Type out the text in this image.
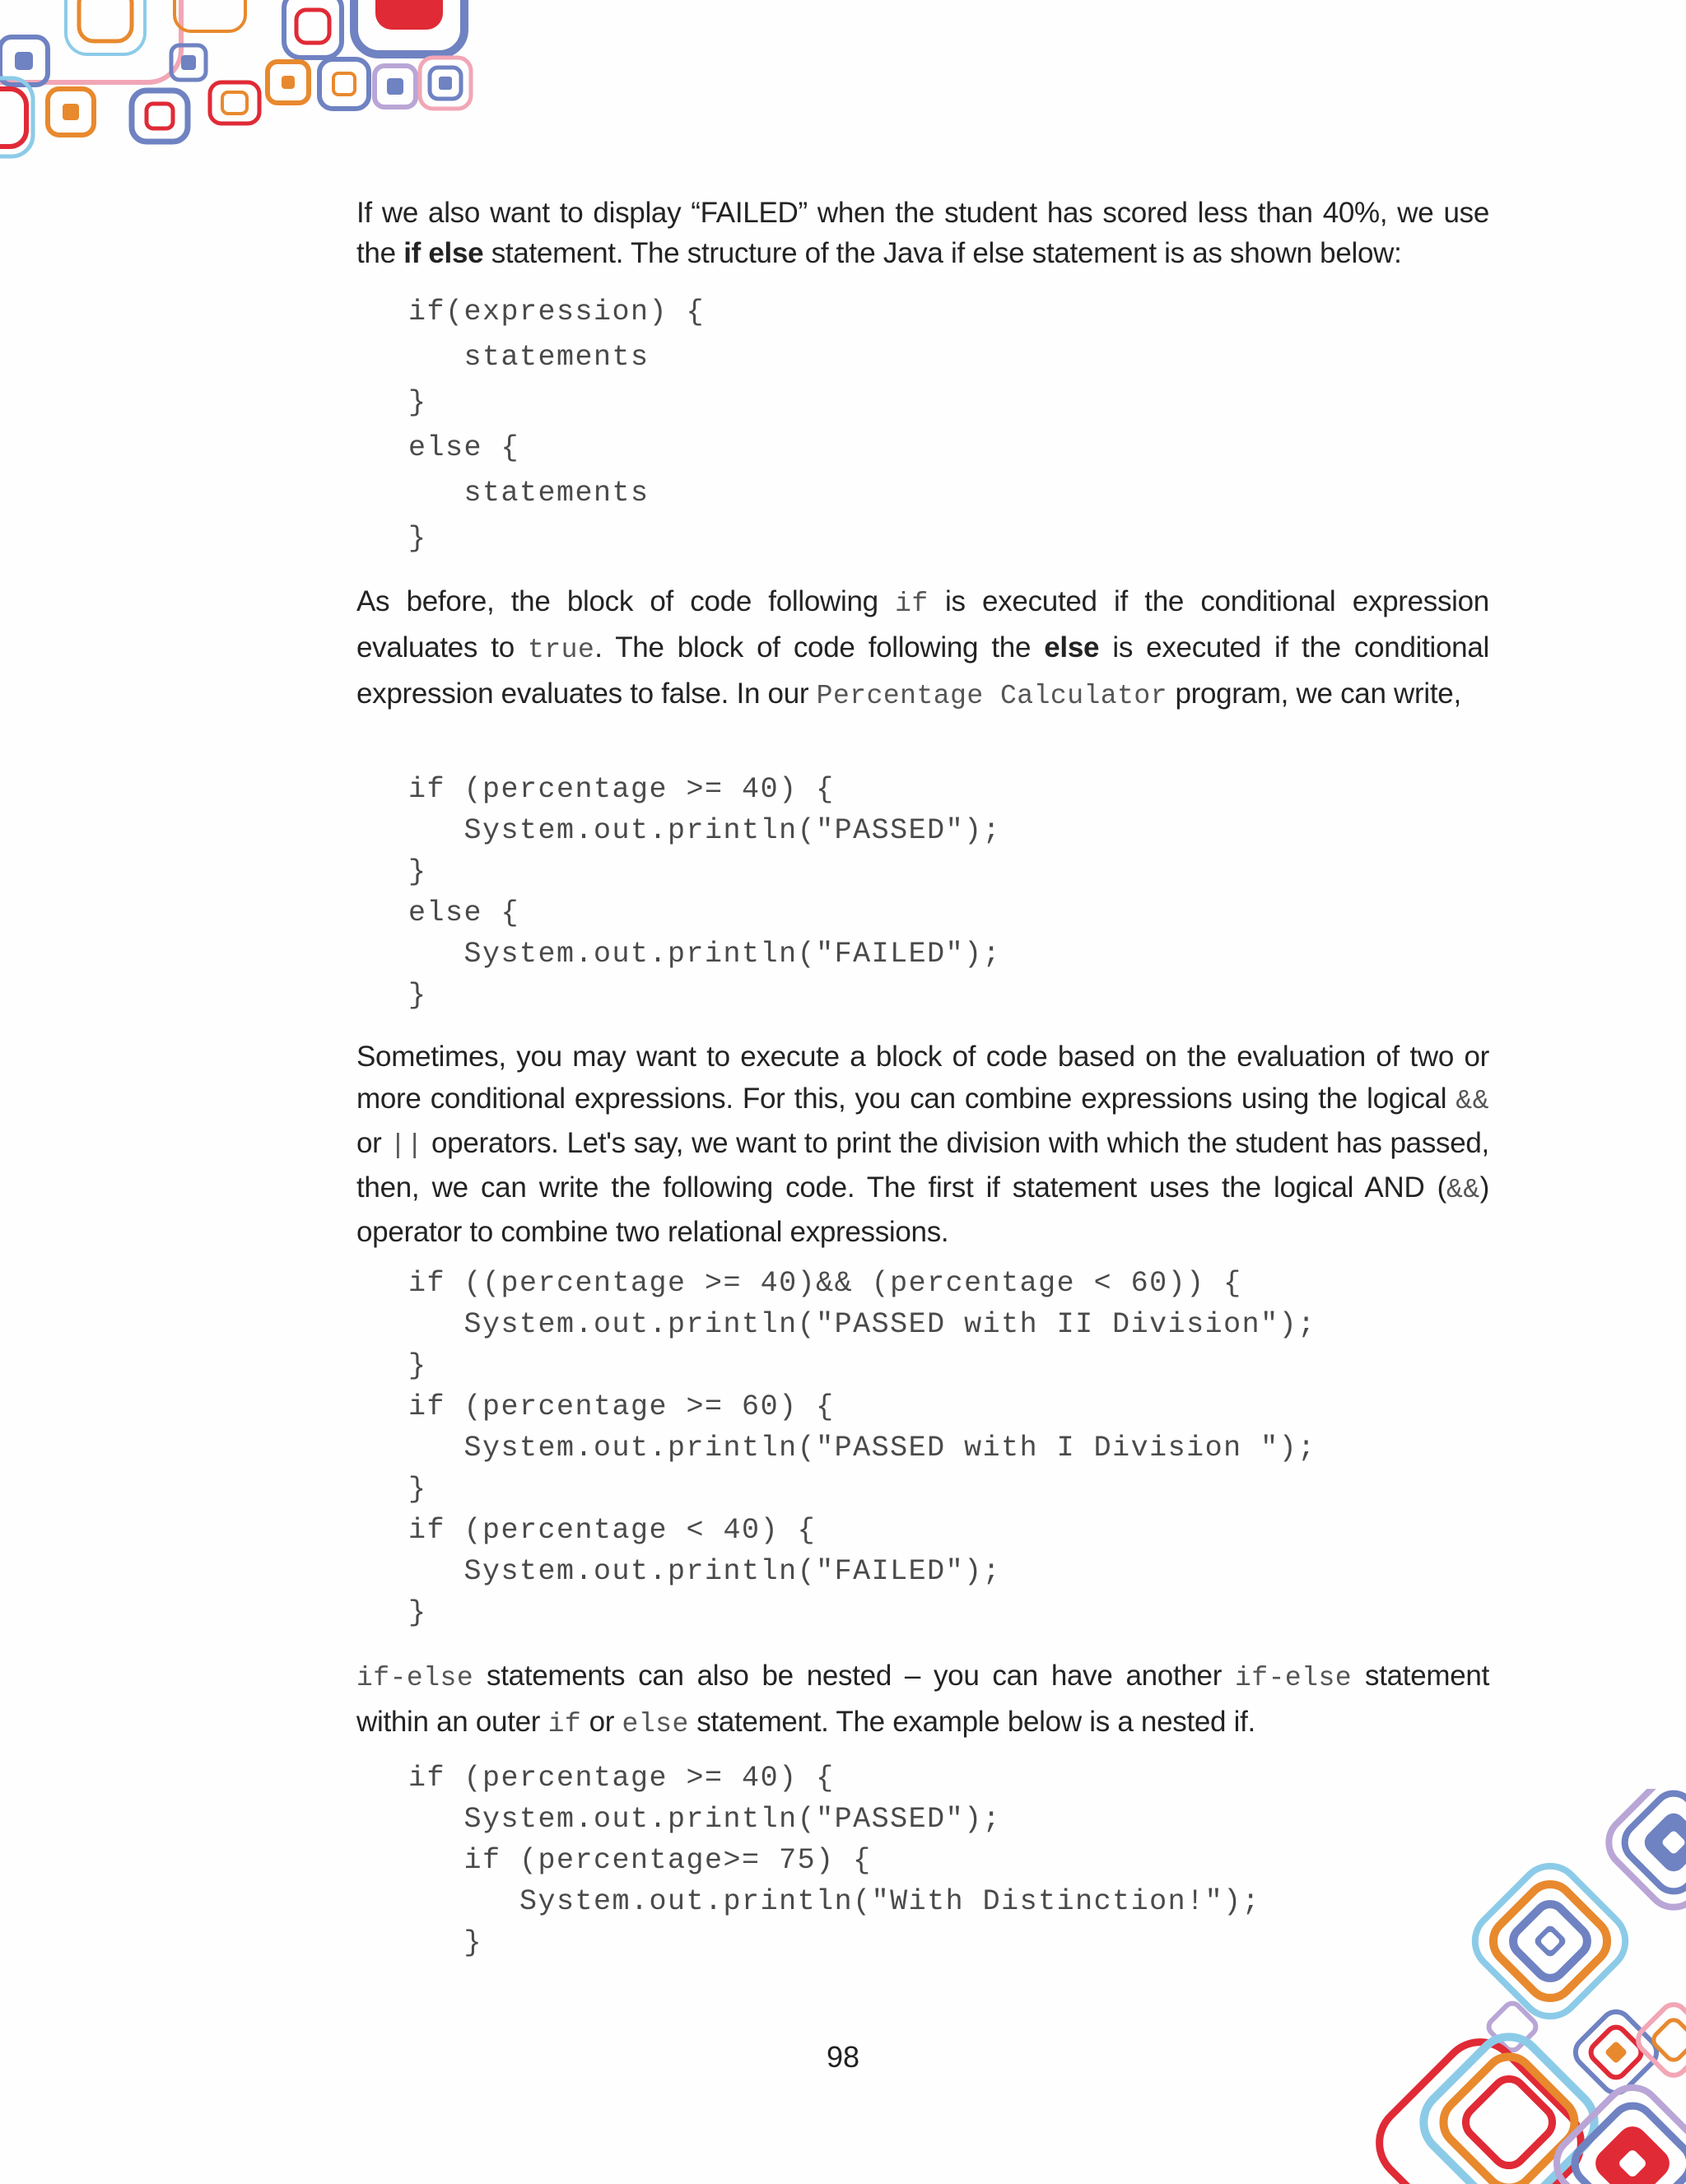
If we also want to display “FAILED” when the student has scored less than 40%, we use the if else statement. The structure of the Java if else statement is as shown below:

if(expression) {
statements
}
else {
statements
}

As before, the block of code following if is executed if the conditional expression evaluates to true. The block of code following the else is executed if the conditional expression evaluates to false. In our Percentage Calculator program, we can write,

if (percentage >= 40) {
System.out.println("PASSED");
}
else {
System.out.println("FAILED");
}

Sometimes, you may want to execute a block of code based on the evaluation of two or more conditional expressions. For this, you can combine expressions using the logical && or || operators. Let's say, we want to print the division with which the student has passed, then, we can write the following code. The first if statement uses the logical AND (&&) operator to combine two relational expressions.

if ((percentage >= 40)&& (percentage < 60)) {
System.out.println("PASSED with II Division");
}
if (percentage >= 60) {
System.out.println("PASSED with I Division ");
}
if (percentage < 40) {
System.out.println("FAILED");
}

if-else statements can also be nested – you can have another if-else statement within an outer if or else statement. The example below is a nested if.

if (percentage >= 40) {
System.out.println("PASSED");
if (percentage>= 75) {
System.out.println("With Distinction!");
}
98
